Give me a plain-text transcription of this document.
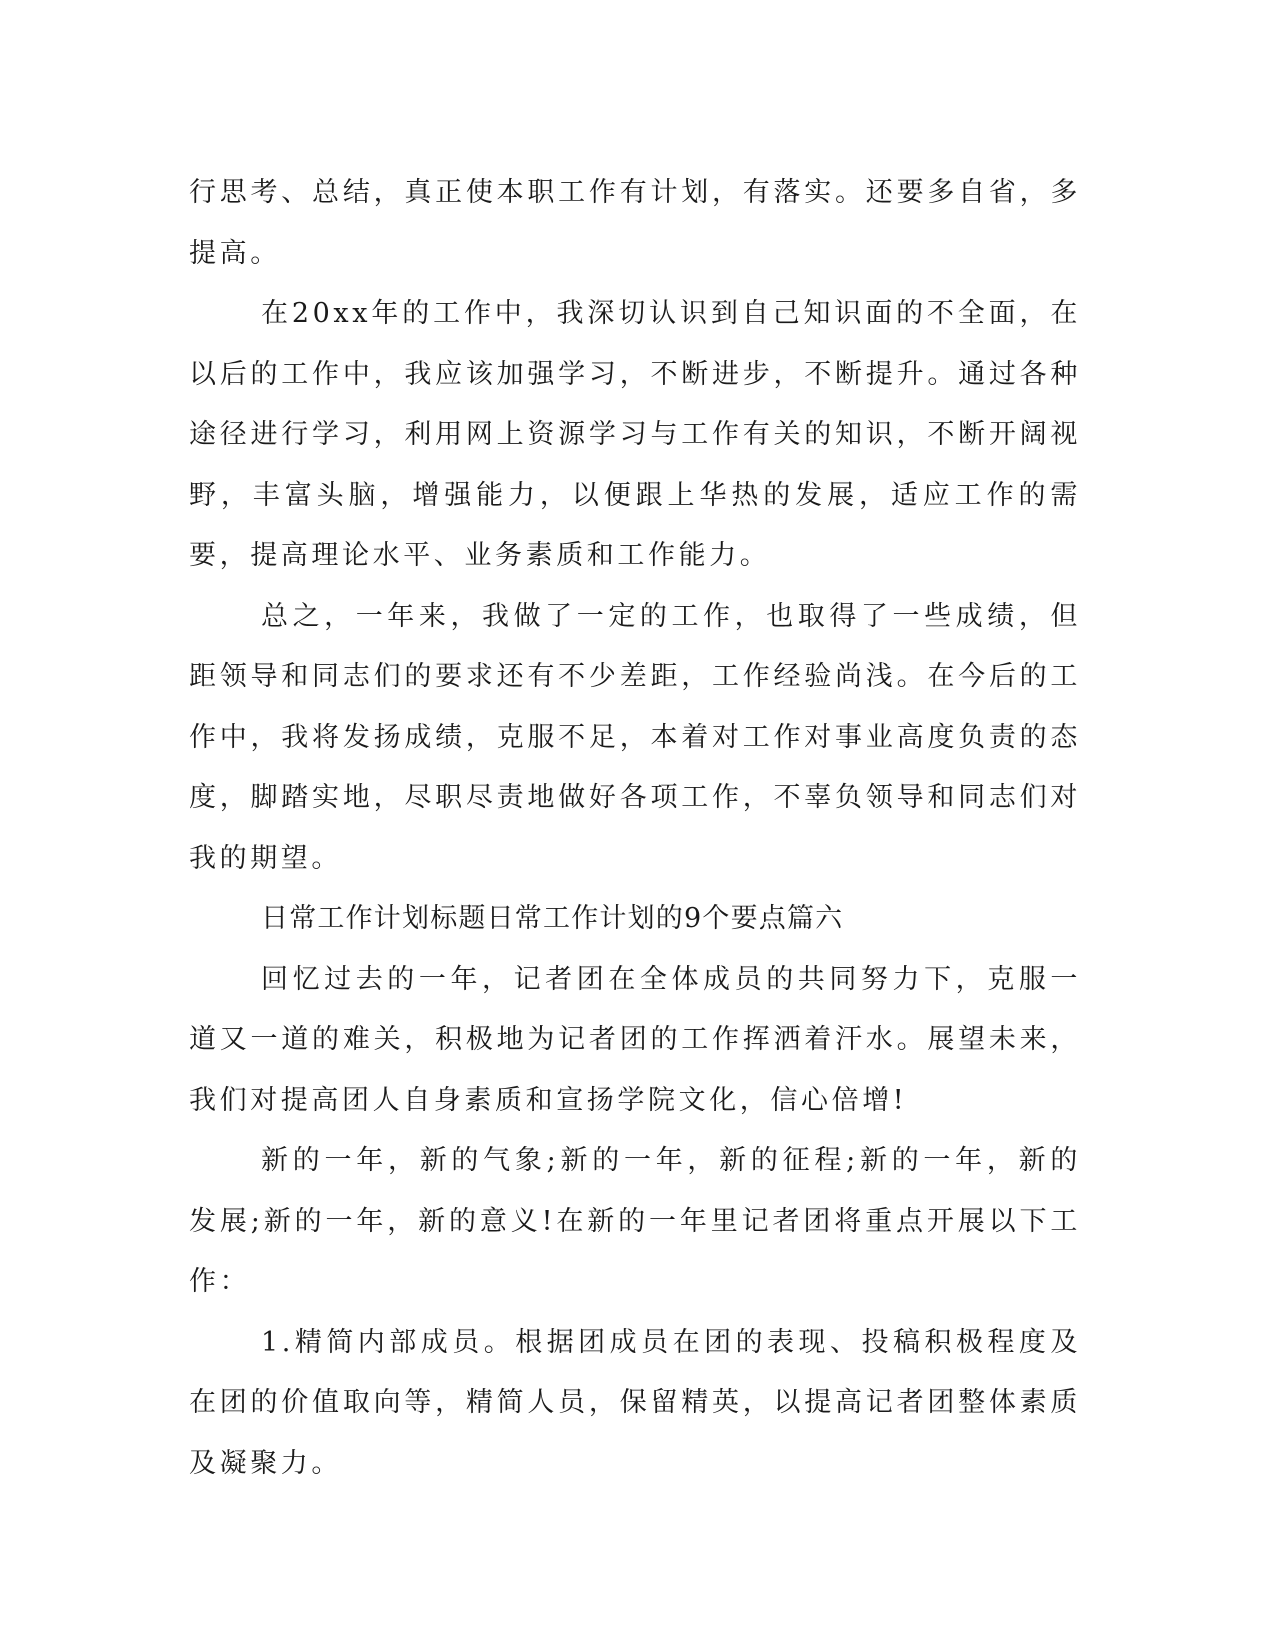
行思考、总结，真正使本职工作有计划，有落实。还要多自省，多提高。

在20xx年的工作中，我深切认识到自己知识面的不全面，在以后的工作中，我应该加强学习，不断进步，不断提升。通过各种途径进行学习，利用网上资源学习与工作有关的知识，不断开阔视野，丰富头脑，增强能力，以便跟上华热的发展，适应工作的需要，提高理论水平、业务素质和工作能力。

总之，一年来，我做了一定的工作，也取得了一些成绩，但距领导和同志们的要求还有不少差距，工作经验尚浅。在今后的工作中，我将发扬成绩，克服不足，本着对工作对事业高度负责的态度，脚踏实地，尽职尽责地做好各项工作，不辜负领导和同志们对我的期望。

日常工作计划标题日常工作计划的9个要点篇六

回忆过去的一年，记者团在全体成员的共同努力下，克服一道又一道的难关，积极地为记者团的工作挥洒着汗水。展望未来，我们对提高团人自身素质和宣扬学院文化，信心倍增!

新的一年，新的气象;新的一年，新的征程;新的一年，新的发展;新的一年，新的意义!在新的一年里记者团将重点开展以下工作：

1.精简内部成员。根据团成员在团的表现、投稿积极程度及在团的价值取向等，精简人员，保留精英，以提高记者团整体素质及凝聚力。
